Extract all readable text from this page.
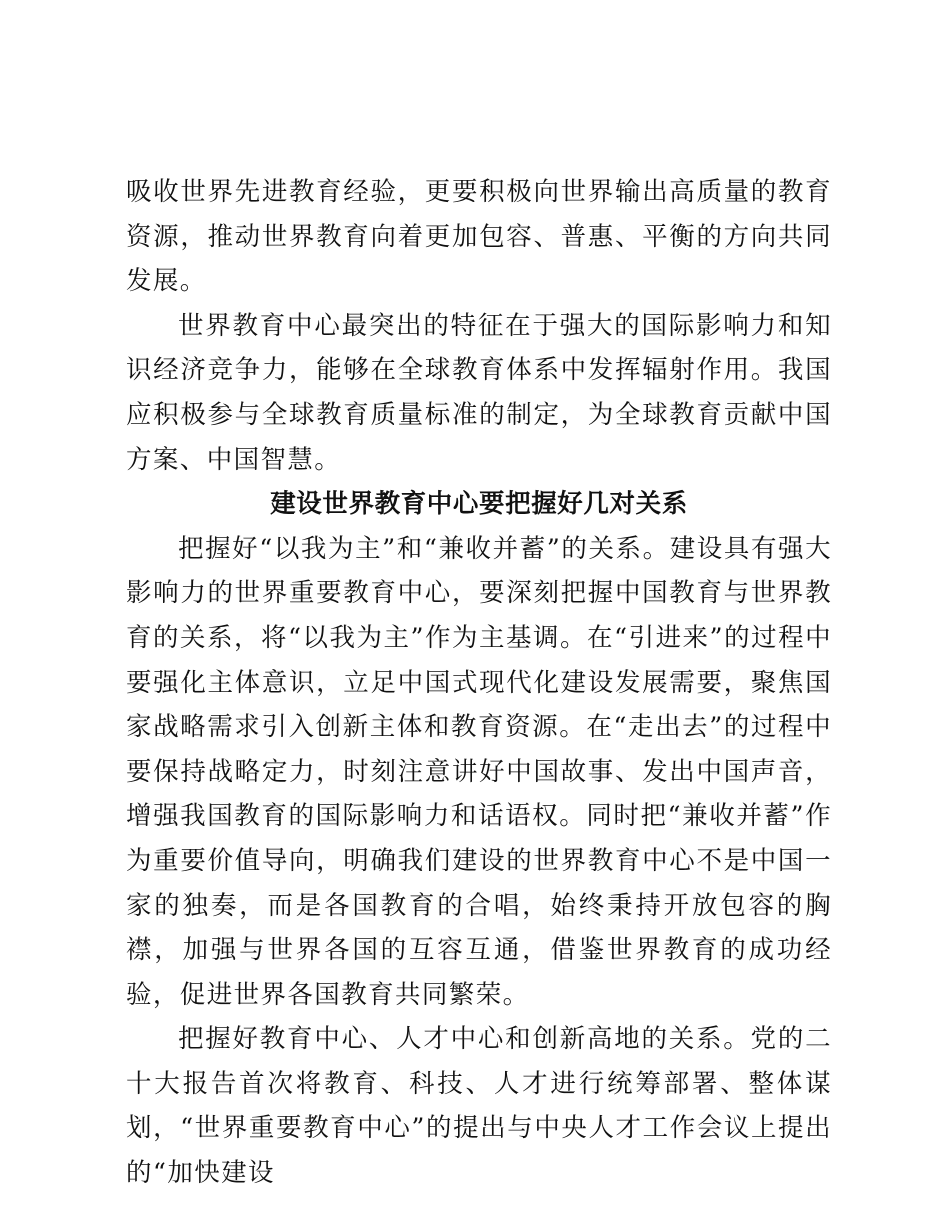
吸收世界先进教育经验，更要积极向世界输出高质量的教育资源，推动世界教育向着更加包容、普惠、平衡的方向共同发展。

世界教育中心最突出的特征在于强大的国际影响力和知识经济竞争力，能够在全球教育体系中发挥辐射作用。我国应积极参与全球教育质量标准的制定，为全球教育贡献中国方案、中国智慧。

建设世界教育中心要把握好几对关系

把握好“以我为主”和“兼收并蓄”的关系。建设具有强大影响力的世界重要教育中心，要深刻把握中国教育与世界教育的关系，将“以我为主”作为主基调。在“引进来”的过程中要强化主体意识，立足中国式现代化建设发展需要，聚焦国家战略需求引入创新主体和教育资源。在“走出去”的过程中要保持战略定力，时刻注意讲好中国故事、发出中国声音，增强我国教育的国际影响力和话语权。同时把“兼收并蓄”作为重要价值导向，明确我们建设的世界教育中心不是中国一家的独奏，而是各国教育的合唱，始终秉持开放包容的胸襟，加强与世界各国的互容互通，借鉴世界教育的成功经验，促进世界各国教育共同繁荣。

把握好教育中心、人才中心和创新高地的关系。党的二十大报告首次将教育、科技、人才进行统筹部署、整体谋划，“世界重要教育中心”的提出与中央人才工作会议上提出的“加快建设
